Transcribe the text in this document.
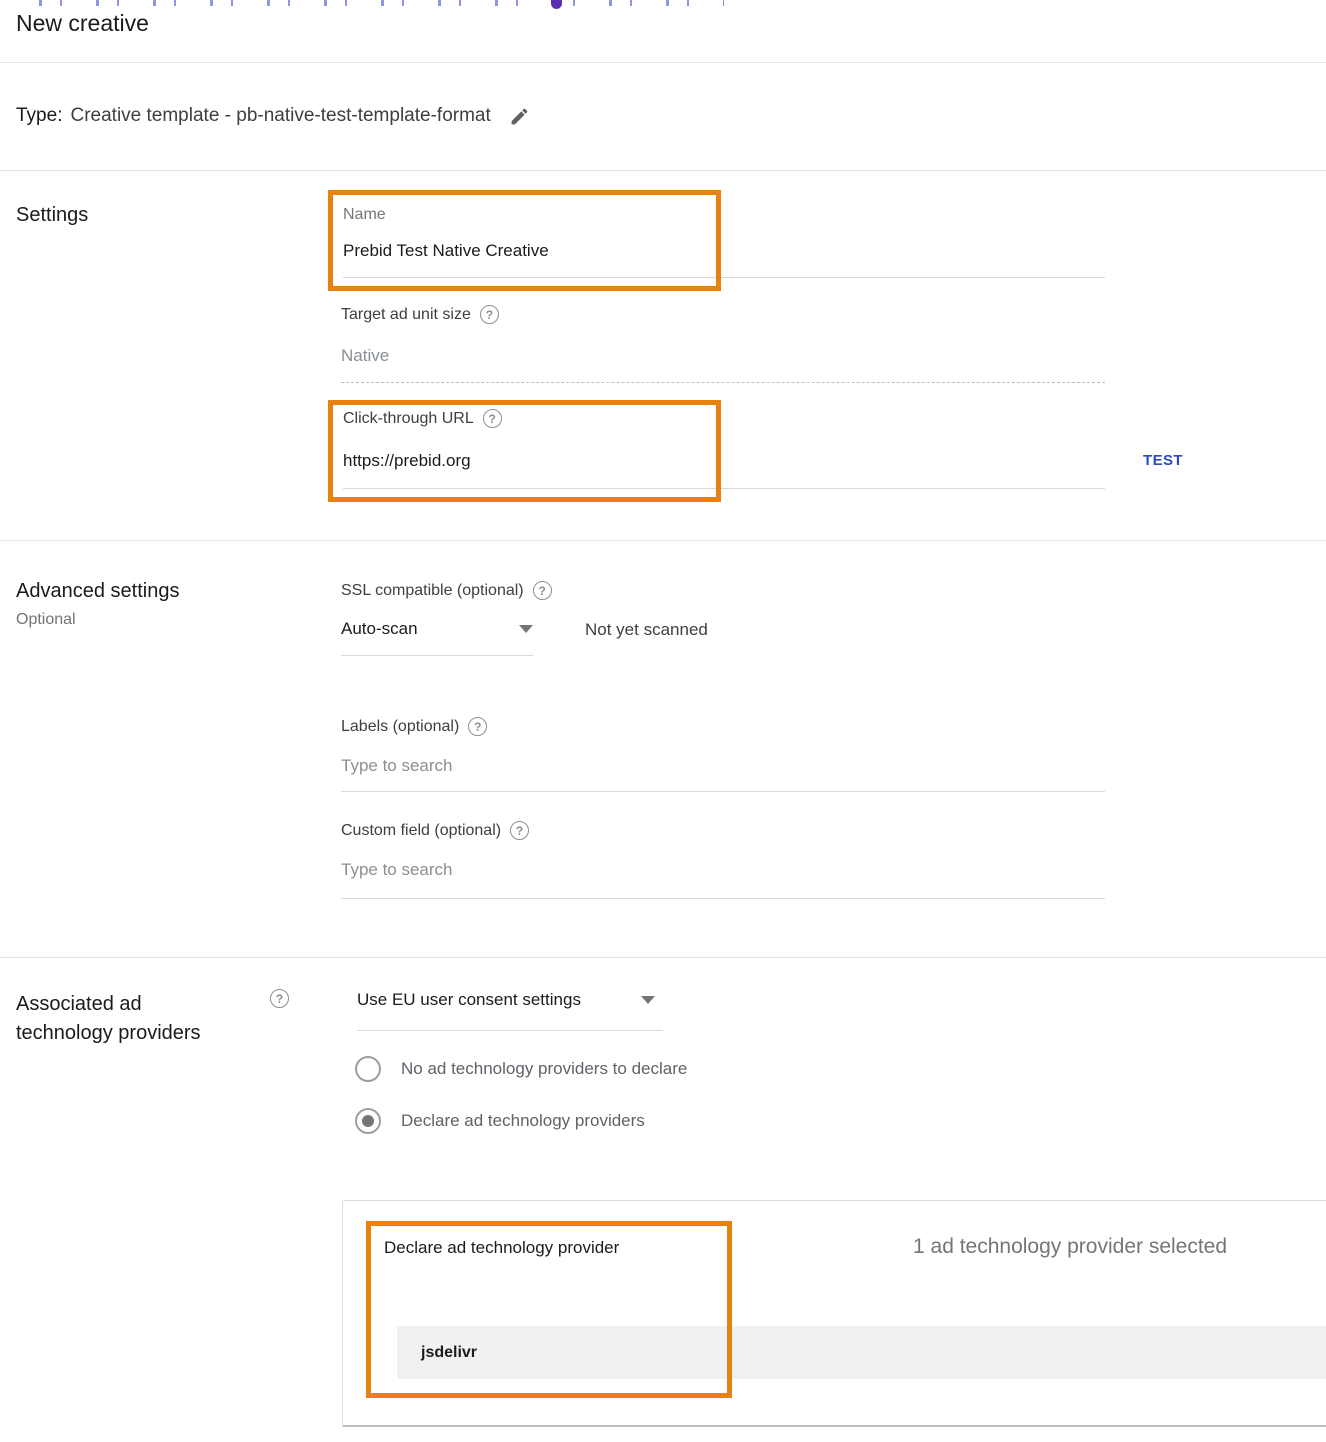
New creative
Type: Creative template - pb-native-test-template-format
Settings	Name
Prebid Test Native Creative
Target ad unit size
?
Native
Click-through URL
?
https://prebid.org	TEST
Advanced settings
Optional
SSL compatible (optional)
?
Auto-scan	Not yet scanned
Labels (optional)
?
Type to search
Custom field (optional)
?
Type to search
Associated ad technology providers
?
Use EU user consent settings
No ad technology providers to declare
Declare ad technology providers
Declare ad technology provider	1 ad technology provider selected
jsdelivr
